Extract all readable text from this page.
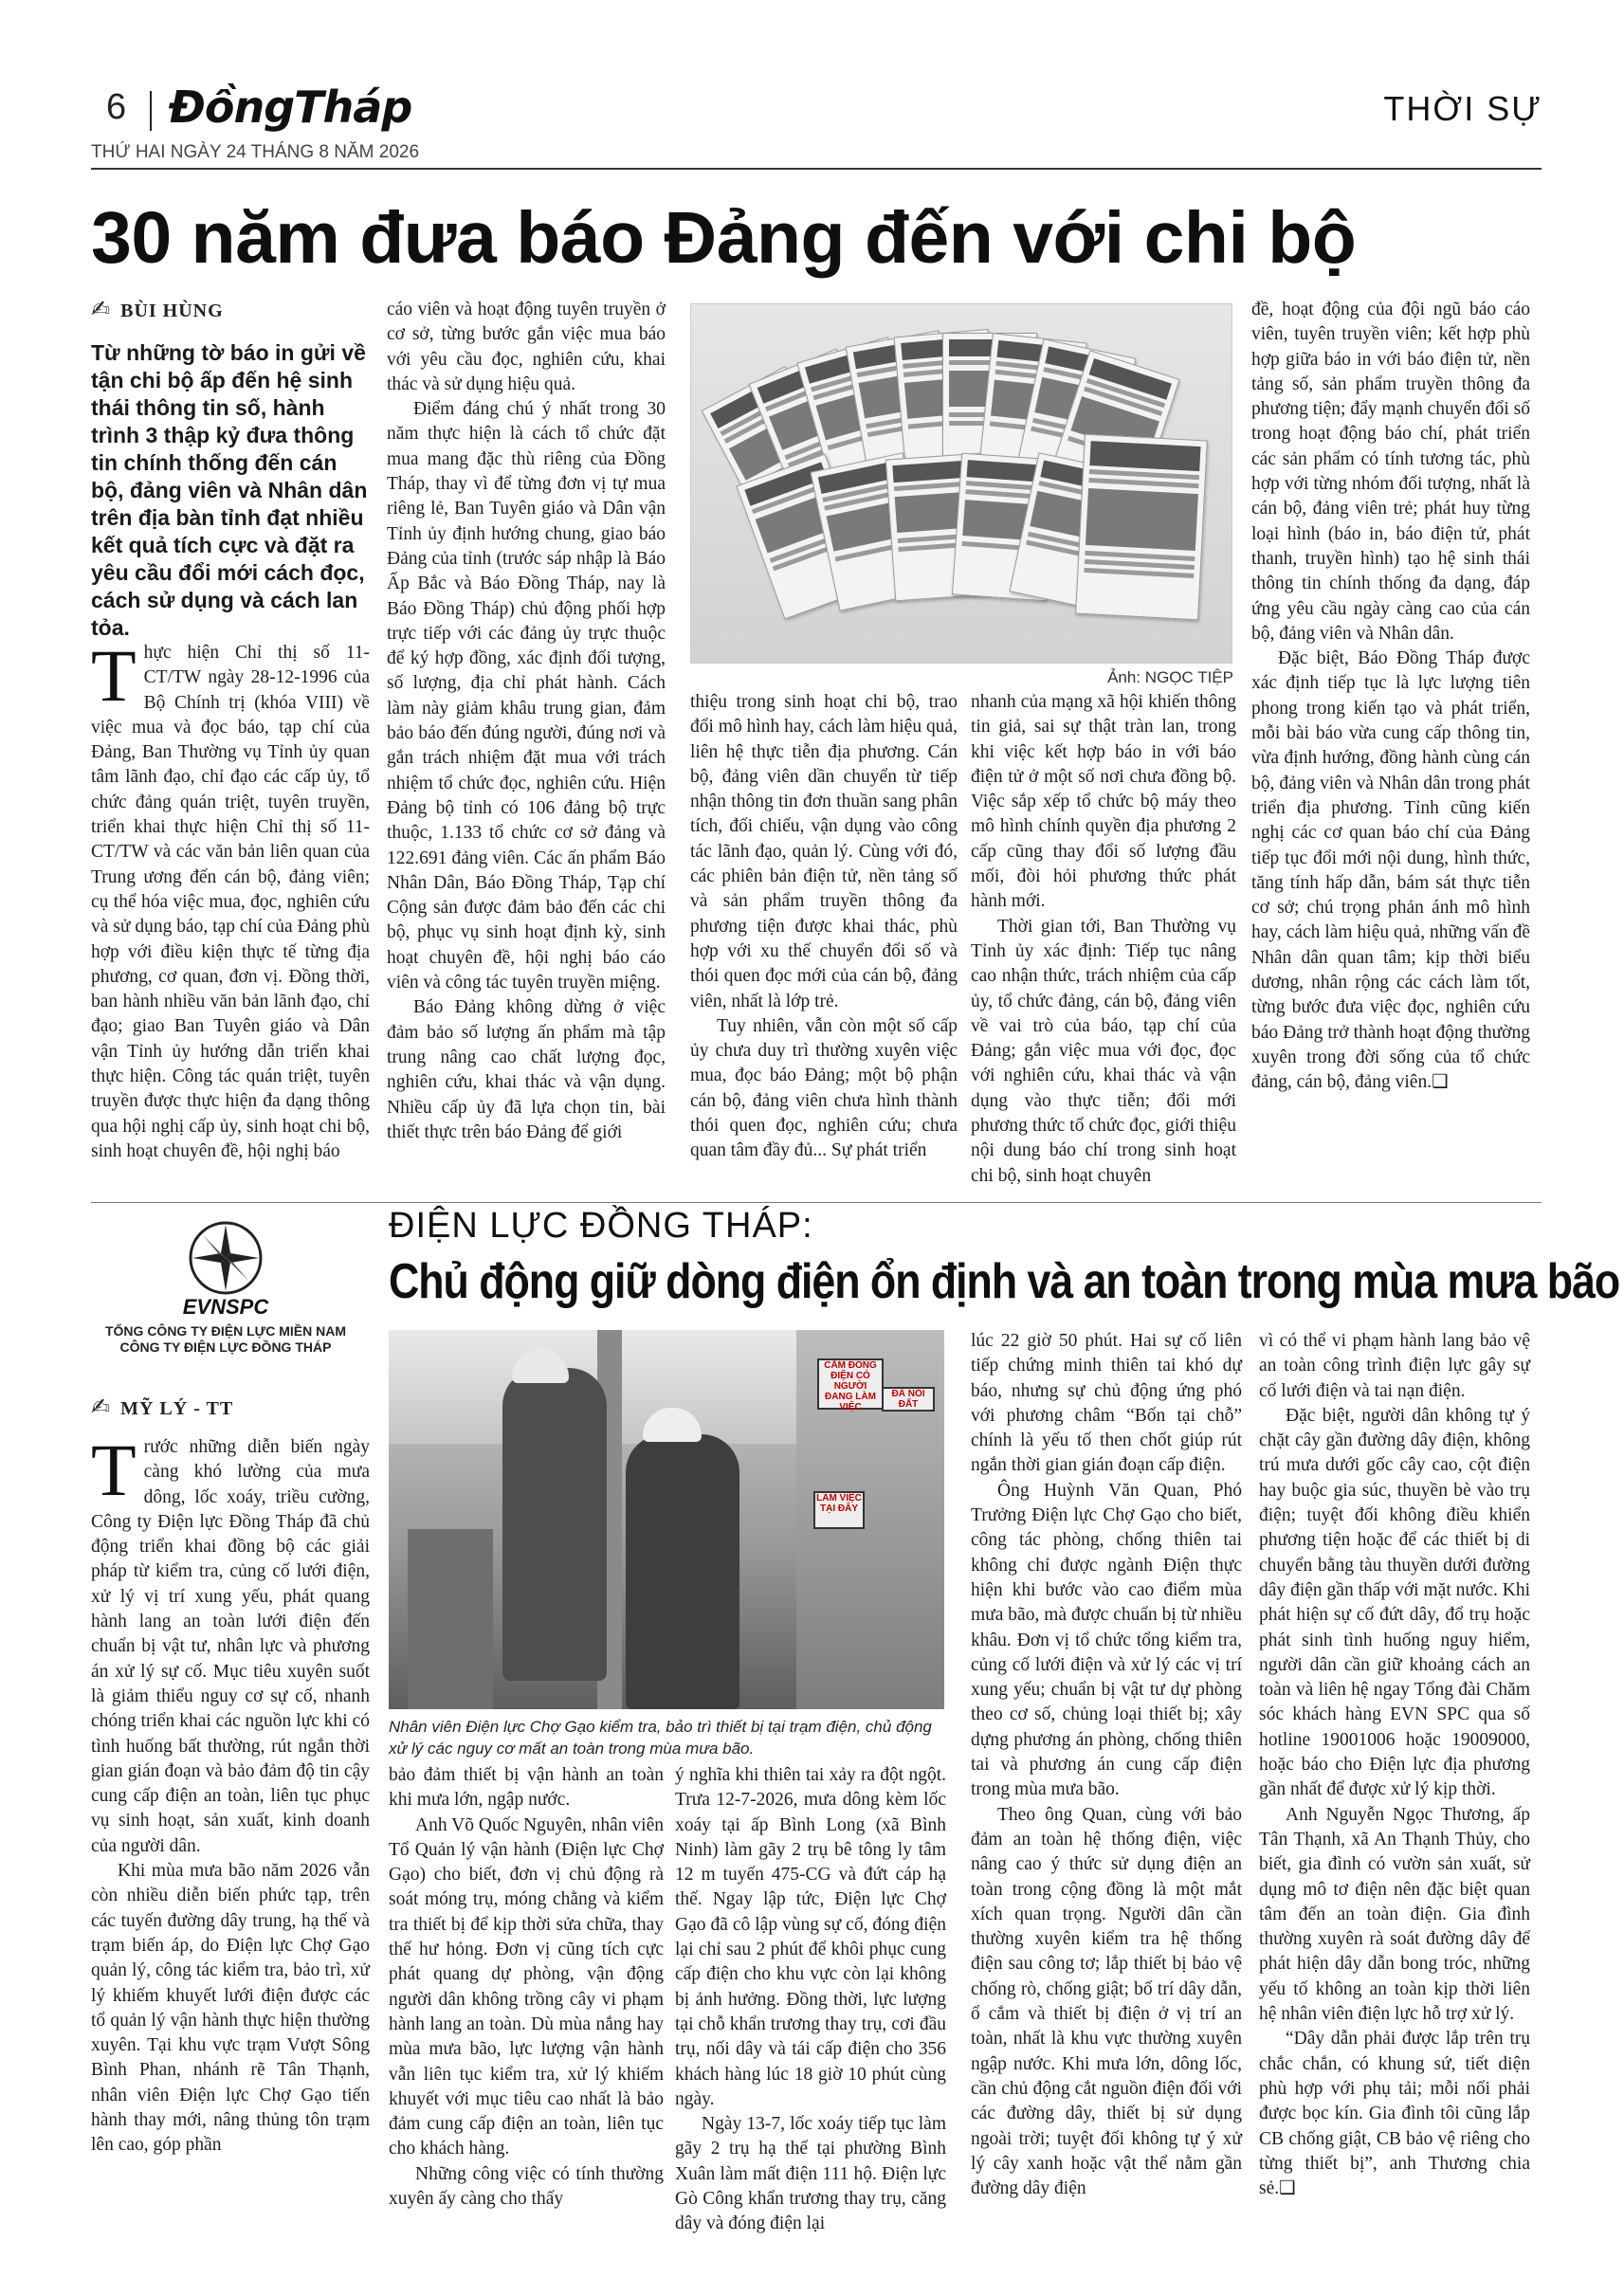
6 ĐồngTháp	THỜI SỰ
THỨ HAI NGÀY 24 THÁNG 8 NĂM 2026
30 năm đưa báo Đảng đến với chi bộ
✍ BÙI HÙNG
Từ những tờ báo in gửi về tận chi bộ ấp đến hệ sinh thái thông tin số, hành trình 3 thập kỷ đưa thông tin chính thống đến cán bộ, đảng viên và Nhân dân trên địa bàn tỉnh đạt nhiều kết quả tích cực và đặt ra yêu cầu đổi mới cách đọc, cách sử dụng và cách lan tỏa.

Thực hiện Chỉ thị số 11-CT/TW ngày 28-12-1996 của Bộ Chính trị (khóa VIII) về việc mua và đọc báo, tạp chí của Đảng, Ban Thường vụ Tỉnh ủy quan tâm lãnh đạo, chỉ đạo các cấp ủy, tổ chức đảng quán triệt, tuyên truyền, triển khai thực hiện Chỉ thị số 11-CT/TW và các văn bản liên quan của Trung ương đến cán bộ, đảng viên; cụ thể hóa việc mua, đọc, nghiên cứu và sử dụng báo, tạp chí của Đảng phù hợp với điều kiện thực tế từng địa phương, cơ quan, đơn vị. Đồng thời, ban hành nhiều văn bản lãnh đạo, chỉ đạo; giao Ban Tuyên giáo và Dân vận Tỉnh ủy hướng dẫn triển khai thực hiện. Công tác quán triệt, tuyên truyền được thực hiện đa dạng thông qua hội nghị cấp ủy, sinh hoạt chi bộ, sinh hoạt chuyên đề, hội nghị báo

cáo viên và hoạt động tuyên truyền ở cơ sở, từng bước gắn việc mua báo với yêu cầu đọc, nghiên cứu, khai thác và sử dụng hiệu quả.

Điểm đáng chú ý nhất trong 30 năm thực hiện là cách tổ chức đặt mua mang đặc thù riêng của Đồng Tháp, thay vì để từng đơn vị tự mua riêng lẻ, Ban Tuyên giáo và Dân vận Tỉnh ủy định hướng chung, giao báo Đảng của tỉnh (trước sáp nhập là Báo Ấp Bắc và Báo Đồng Tháp, nay là Báo Đồng Tháp) chủ động phối hợp trực tiếp với các đảng ủy trực thuộc để ký hợp đồng, xác định đối tượng, số lượng, địa chỉ phát hành. Cách làm này giảm khâu trung gian, đảm bảo báo đến đúng người, đúng nơi và gắn trách nhiệm đặt mua với trách nhiệm tổ chức đọc, nghiên cứu. Hiện Đảng bộ tỉnh có 106 đảng bộ trực thuộc, 1.133 tổ chức cơ sở đảng và 122.691 đảng viên. Các ấn phẩm Báo Nhân Dân, Báo Đồng Tháp, Tạp chí Cộng sản được đảm bảo đến các chi bộ, phục vụ sinh hoạt định kỳ, sinh hoạt chuyên đề, hội nghị báo cáo viên và công tác tuyên truyền miệng.

Báo Đảng không dừng ở việc đảm bảo số lượng ấn phẩm mà tập trung nâng cao chất lượng đọc, nghiên cứu, khai thác và vận dụng. Nhiều cấp ủy đã lựa chọn tin, bài thiết thực trên báo Đảng để giới

Ảnh: NGỌC TIỆP

thiệu trong sinh hoạt chi bộ, trao đổi mô hình hay, cách làm hiệu quả, liên hệ thực tiễn địa phương. Cán bộ, đảng viên dần chuyển từ tiếp nhận thông tin đơn thuần sang phân tích, đối chiếu, vận dụng vào công tác lãnh đạo, quản lý. Cùng với đó, các phiên bản điện tử, nền tảng số và sản phẩm truyền thông đa phương tiện được khai thác, phù hợp với xu thế chuyển đổi số và thói quen đọc mới của cán bộ, đảng viên, nhất là lớp trẻ.

Tuy nhiên, vẫn còn một số cấp ủy chưa duy trì thường xuyên việc mua, đọc báo Đảng; một bộ phận cán bộ, đảng viên chưa hình thành thói quen đọc, nghiên cứu; chưa quan tâm đầy đủ... Sự phát triển

nhanh của mạng xã hội khiến thông tin giả, sai sự thật tràn lan, trong khi việc kết hợp báo in với báo điện tử ở một số nơi chưa đồng bộ. Việc sắp xếp tổ chức bộ máy theo mô hình chính quyền địa phương 2 cấp cũng thay đổi số lượng đầu mối, đòi hỏi phương thức phát hành mới.

Thời gian tới, Ban Thường vụ Tỉnh ủy xác định: Tiếp tục nâng cao nhận thức, trách nhiệm của cấp ủy, tổ chức đảng, cán bộ, đảng viên về vai trò của báo, tạp chí của Đảng; gắn việc mua với đọc, đọc với nghiên cứu, khai thác và vận dụng vào thực tiễn; đổi mới phương thức tổ chức đọc, giới thiệu nội dung báo chí trong sinh hoạt chi bộ, sinh hoạt chuyên

đề, hoạt động của đội ngũ báo cáo viên, tuyên truyền viên; kết hợp phù hợp giữa báo in với báo điện tử, nền tảng số, sản phẩm truyền thông đa phương tiện; đẩy mạnh chuyển đổi số trong hoạt động báo chí, phát triển các sản phẩm có tính tương tác, phù hợp với từng nhóm đối tượng, nhất là cán bộ, đảng viên trẻ; phát huy từng loại hình (báo in, báo điện tử, phát thanh, truyền hình) tạo hệ sinh thái thông tin chính thống đa dạng, đáp ứng yêu cầu ngày càng cao của cán bộ, đảng viên và Nhân dân.

Đặc biệt, Báo Đồng Tháp được xác định tiếp tục là lực lượng tiên phong trong kiến tạo và phát triển, mỗi bài báo vừa cung cấp thông tin, vừa định hướng, đồng hành cùng cán bộ, đảng viên và Nhân dân trong phát triển địa phương. Tỉnh cũng kiến nghị các cơ quan báo chí của Đảng tiếp tục đổi mới nội dung, hình thức, tăng tính hấp dẫn, bám sát thực tiễn cơ sở; chú trọng phản ánh mô hình hay, cách làm hiệu quả, những vấn đề Nhân dân quan tâm; kịp thời biểu dương, nhân rộng các cách làm tốt, từng bước đưa việc đọc, nghiên cứu báo Đảng trở thành hoạt động thường xuyên trong đời sống của tổ chức đảng, cán bộ, đảng viên.❑

EVNSPC
TỔNG CÔNG TY ĐIỆN LỰC MIỀN NAM
CÔNG TY ĐIỆN LỰC ĐỒNG THÁP
ĐIỆN LỰC ĐỒNG THÁP:
Chủ động giữ dòng điện ổn định và an toàn trong mùa mưa bão
✍ MỸ LÝ - TT

Trước những diễn biến ngày càng khó lường của mưa dông, lốc xoáy, triều cường, Công ty Điện lực Đồng Tháp đã chủ động triển khai đồng bộ các giải pháp từ kiểm tra, củng cố lưới điện, xử lý vị trí xung yếu, phát quang hành lang an toàn lưới điện đến chuẩn bị vật tư, nhân lực và phương án xử lý sự cố. Mục tiêu xuyên suốt là giảm thiểu nguy cơ sự cố, nhanh chóng triển khai các nguồn lực khi có tình huống bất thường, rút ngắn thời gian gián đoạn và bảo đảm độ tin cậy cung cấp điện an toàn, liên tục phục vụ sinh hoạt, sản xuất, kinh doanh của người dân.

Khi mùa mưa bão năm 2026 vẫn còn nhiều diễn biến phức tạp, trên các tuyến đường dây trung, hạ thế và trạm biến áp, do Điện lực Chợ Gạo quản lý, công tác kiểm tra, bảo trì, xử lý khiếm khuyết lưới điện được các tổ quản lý vận hành thực hiện thường xuyên. Tại khu vực trạm Vượt Sông Bình Phan, nhánh rẽ Tân Thạnh, nhân viên Điện lực Chợ Gạo tiến hành thay mới, nâng thủng tôn trạm lên cao, góp phần

CẤM ĐÓNG ĐIỆN CÓ NGƯỜI ĐANG LÀM VIỆC
ĐÃ NỐI ĐẤT
LÀM VIỆC TẠI ĐÂY
Nhân viên Điện lực Chợ Gạo kiểm tra, bảo trì thiết bị tại trạm điện, chủ động xử lý các nguy cơ mất an toàn trong mùa mưa bão.

bảo đảm thiết bị vận hành an toàn khi mưa lớn, ngập nước.

Anh Võ Quốc Nguyên, nhân viên Tổ Quản lý vận hành (Điện lực Chợ Gạo) cho biết, đơn vị chủ động rà soát móng trụ, móng chằng và kiểm tra thiết bị để kịp thời sửa chữa, thay thế hư hỏng. Đơn vị cũng tích cực phát quang dự phòng, vận động người dân không trồng cây vi phạm hành lang an toàn. Dù mùa nắng hay mùa mưa bão, lực lượng vận hành vẫn liên tục kiểm tra, xử lý khiếm khuyết với mục tiêu cao nhất là bảo đảm cung cấp điện an toàn, liên tục cho khách hàng.

Những công việc có tính thường xuyên ấy càng cho thấy

ý nghĩa khi thiên tai xảy ra đột ngột. Trưa 12-7-2026, mưa dông kèm lốc xoáy tại ấp Bình Long (xã Bình Ninh) làm gãy 2 trụ bê tông ly tâm 12 m tuyến 475-CG và đứt cáp hạ thế. Ngay lập tức, Điện lực Chợ Gạo đã cô lập vùng sự cố, đóng điện lại chỉ sau 2 phút để khôi phục cung cấp điện cho khu vực còn lại không bị ảnh hưởng. Đồng thời, lực lượng tại chỗ khẩn trương thay trụ, cơi đầu trụ, nối dây và tái cấp điện cho 356 khách hàng lúc 18 giờ 10 phút cùng ngày.

Ngày 13-7, lốc xoáy tiếp tục làm gãy 2 trụ hạ thế tại phường Bình Xuân làm mất điện 111 hộ. Điện lực Gò Công khẩn trương thay trụ, căng dây và đóng điện lại

lúc 22 giờ 50 phút. Hai sự cố liên tiếp chứng minh thiên tai khó dự báo, nhưng sự chủ động ứng phó với phương châm “Bốn tại chỗ” chính là yếu tố then chốt giúp rút ngắn thời gian gián đoạn cấp điện.

Ông Huỳnh Văn Quan, Phó Trưởng Điện lực Chợ Gạo cho biết, công tác phòng, chống thiên tai không chỉ được ngành Điện thực hiện khi bước vào cao điểm mùa mưa bão, mà được chuẩn bị từ nhiều khâu. Đơn vị tổ chức tổng kiểm tra, củng cố lưới điện và xử lý các vị trí xung yếu; chuẩn bị vật tư dự phòng theo cơ số, chủng loại thiết bị; xây dựng phương án phòng, chống thiên tai và phương án cung cấp điện trong mùa mưa bão.

Theo ông Quan, cùng với bảo đảm an toàn hệ thống điện, việc nâng cao ý thức sử dụng điện an toàn trong cộng đồng là một mắt xích quan trọng. Người dân cần thường xuyên kiểm tra hệ thống điện sau công tơ; lắp thiết bị bảo vệ chống rò, chống giật; bố trí dây dẫn, ổ cắm và thiết bị điện ở vị trí an toàn, nhất là khu vực thường xuyên ngập nước. Khi mưa lớn, dông lốc, cần chủ động cắt nguồn điện đối với các đường dây, thiết bị sử dụng ngoài trời; tuyệt đối không tự ý xử lý cây xanh hoặc vật thể nằm gần đường dây điện

vì có thể vi phạm hành lang bảo vệ an toàn công trình điện lực gây sự cố lưới điện và tai nạn điện.

Đặc biệt, người dân không tự ý chặt cây gần đường dây điện, không trú mưa dưới gốc cây cao, cột điện hay buộc gia súc, thuyền bè vào trụ điện; tuyệt đối không điều khiển phương tiện hoặc để các thiết bị di chuyển bằng tàu thuyền dưới đường dây điện gần thấp với mặt nước. Khi phát hiện sự cố đứt dây, đổ trụ hoặc phát sinh tình huống nguy hiểm, người dân cần giữ khoảng cách an toàn và liên hệ ngay Tổng đài Chăm sóc khách hàng EVN SPC qua số hotline 19001006 hoặc 19009000, hoặc báo cho Điện lực địa phương gần nhất để được xử lý kịp thời.

Anh Nguyễn Ngọc Thương, ấp Tân Thạnh, xã An Thạnh Thủy, cho biết, gia đình có vườn sản xuất, sử dụng mô tơ điện nên đặc biệt quan tâm đến an toàn điện. Gia đình thường xuyên rà soát đường dây để phát hiện dây dẫn bong tróc, những yếu tố không an toàn kịp thời liên hệ nhân viên điện lực hỗ trợ xử lý.

“Dây dẫn phải được lắp trên trụ chắc chắn, có khung sứ, tiết diện phù hợp với phụ tải; mỗi nối phải được bọc kín. Gia đình tôi cũng lắp CB chống giật, CB bảo vệ riêng cho từng thiết bị”, anh Thương chia sẻ.❑
